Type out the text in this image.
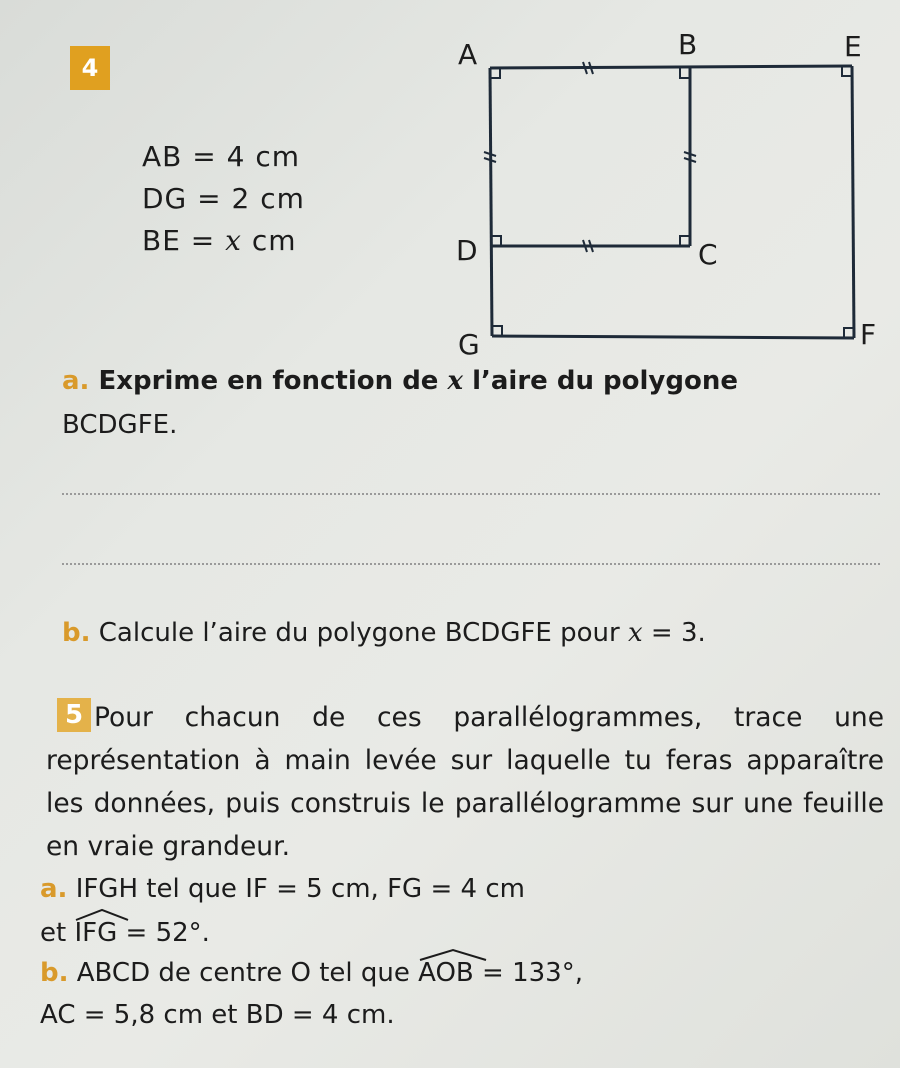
4
AB = 4 cm
DG = 2 cm
BE = x cm
A	B	E
D	C
G	F
a. Exprime en fonction de x l’aire du polygone
BCDGFE.
b. Calcule l’aire du polygone BCDGFE pour x = 3.
5 Pour chacun de ces parallélogrammes, trace une représentation à main levée sur laquelle tu feras apparaître les données, puis construis le parallélogramme sur une feuille en vraie grandeur.
a. IFGH tel que IF = 5 cm, FG = 4 cm
et IFG = 52°.
b. ABCD de centre O tel que AOB = 133°,
AC = 5,8 cm et BD = 4 cm.
